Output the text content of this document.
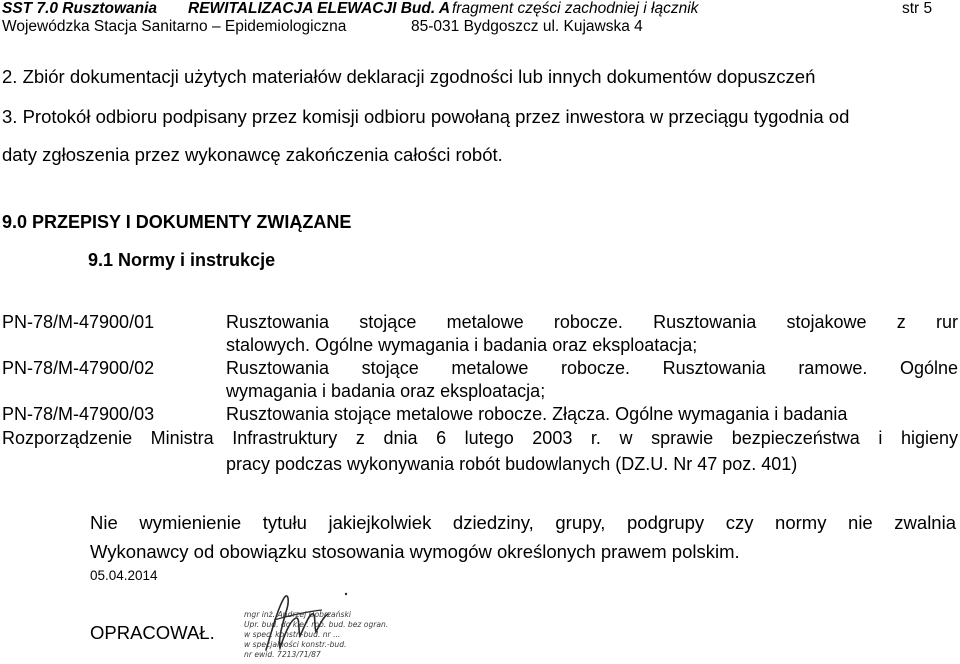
SST 7.0 Rusztowania REWITALIZACJA ELEWACJI Bud. A fragment części zachodniej i łącznik	str 5
Wojewódzka Stacja Sanitarno – Epidemiologiczna	85-031 Bydgoszcz ul. Kujawska 4
2. Zbiór dokumentacji użytych materiałów deklaracji zgodności lub innych dokumentów dopuszczeń
3. Protokół odbioru podpisany przez komisji odbioru powołaną przez inwestora w przeciągu tygodnia od
daty zgłoszenia przez wykonawcę zakończenia całości robót.
9.0 PRZEPISY I DOKUMENTY ZWIĄZANE
9.1 Normy i instrukcje
PN-78/M-47900/01	Rusztowania stojące metalowe robocze. Rusztowania stojakowe z rur
stalowych. Ogólne wymagania i badania oraz eksploatacja;
PN-78/M-47900/02	Rusztowania stojące metalowe robocze. Rusztowania ramowe. Ogólne
wymagania i badania oraz eksploatacja;
PN-78/M-47900/03	Rusztowania stojące metalowe robocze. Złącza. Ogólne wymagania i badania
Rozporządzenie Ministra Infrastruktury z dnia 6 lutego 2003 r. w sprawie bezpieczeństwa i higieny
pracy podczas wykonywania robót budowlanych (DZ.U. Nr 47 poz. 401)
Nie wymienienie tytułu jakiejkolwiek dziedziny, grupy, podgrupy czy normy nie zwalnia
Wykonawcy od obowiązku stosowania wymogów określonych prawem polskim.
05.04.2014
OPRACOWAŁ.
mgr inż. Andrzej Dobrzański
Upr. bud. do kier. rob. bud. bez ogran.
w spec. konstr.-bud. nr ...
w specjalności konstr.-bud.
nr ewid. 7213/71/87
